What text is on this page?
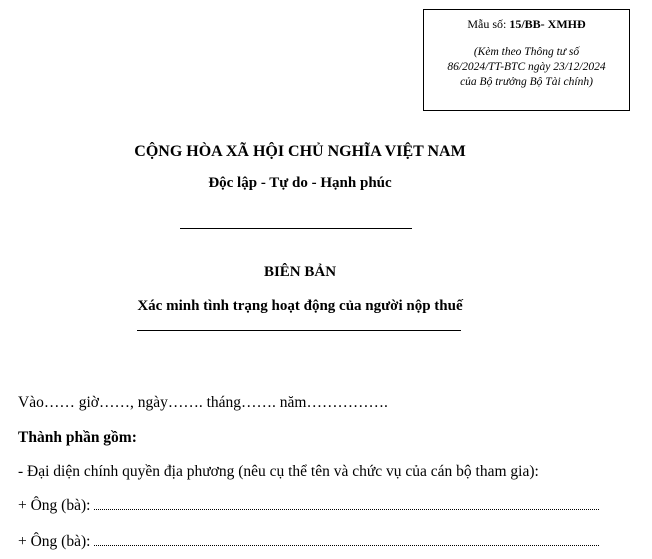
Mẫu số: 15/BB- XMHĐ
(Kèm theo Thông tư số
86/2024/TT-BTC ngày 23/12/2024
của Bộ trưởng Bộ Tài chính)
CỘNG HÒA XÃ HỘI CHỦ NGHĨA VIỆT NAM
Độc lập - Tự do - Hạnh phúc
BIÊN BẢN
Xác minh tình trạng hoạt động của người nộp thuế
Vào…… giờ……, ngày……. tháng……. năm…………….
Thành phần gồm:
- Đại diện chính quyền địa phương (nêu cụ thể tên và chức vụ của cán bộ tham gia):
+ Ông (bà):
+ Ông (bà):
